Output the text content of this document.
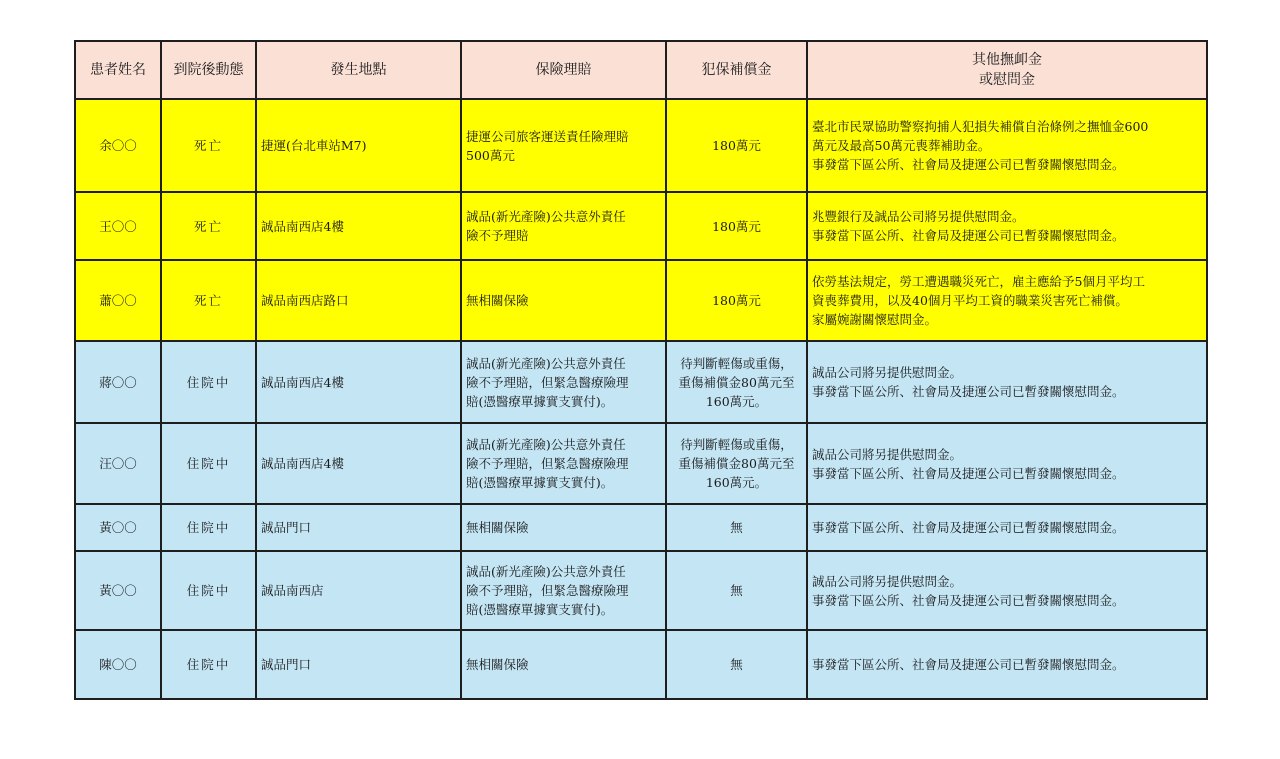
患者姓名	到院後動態	發生地點	保險理賠	犯保補償金	其他撫卹金
或慰問金

余〇〇	死亡	捷運(台北車站M7)	捷運公司旅客運送責任險理賠
500萬元	180萬元	臺北市民眾協助警察拘捕人犯損失補償自治條例之撫恤金600
萬元及最高50萬元喪葬補助金。
事發當下區公所、社會局及捷運公司已暫發關懷慰問金。

王〇〇	死亡	誠品南西店4樓	誠品(新光產險)公共意外責任
險不予理賠	180萬元	兆豐銀行及誠品公司將另提供慰問金。
事發當下區公所、社會局及捷運公司已暫發關懷慰問金。

蕭〇〇	死亡	誠品南西店路口	無相關保險	180萬元	依勞基法規定，勞工遭遇職災死亡，雇主應給予5個月平均工
資喪葬費用，以及40個月平均工資的職業災害死亡補償。
家屬婉謝關懷慰問金。

蔣〇〇	住院中	誠品南西店4樓	誠品(新光產險)公共意外責任
險不予理賠，但緊急醫療險理
賠(憑醫療單據實支實付)。	待判斷輕傷或重傷，
重傷補償金80萬元至
160萬元。	誠品公司將另提供慰問金。
事發當下區公所、社會局及捷運公司已暫發關懷慰問金。

汪〇〇	住院中	誠品南西店4樓	誠品(新光產險)公共意外責任
險不予理賠，但緊急醫療險理
賠(憑醫療單據實支實付)。	待判斷輕傷或重傷，
重傷補償金80萬元至
160萬元。	誠品公司將另提供慰問金。
事發當下區公所、社會局及捷運公司已暫發關懷慰問金。

黃〇〇	住院中	誠品門口	無相關保險	無	事發當下區公所、社會局及捷運公司已暫發關懷慰問金。

黃〇〇	住院中	誠品南西店	誠品(新光產險)公共意外責任
險不予理賠，但緊急醫療險理
賠(憑醫療單據實支實付)。	無	誠品公司將另提供慰問金。
事發當下區公所、社會局及捷運公司已暫發關懷慰問金。

陳〇〇	住院中	誠品門口	無相關保險	無	事發當下區公所、社會局及捷運公司已暫發關懷慰問金。
